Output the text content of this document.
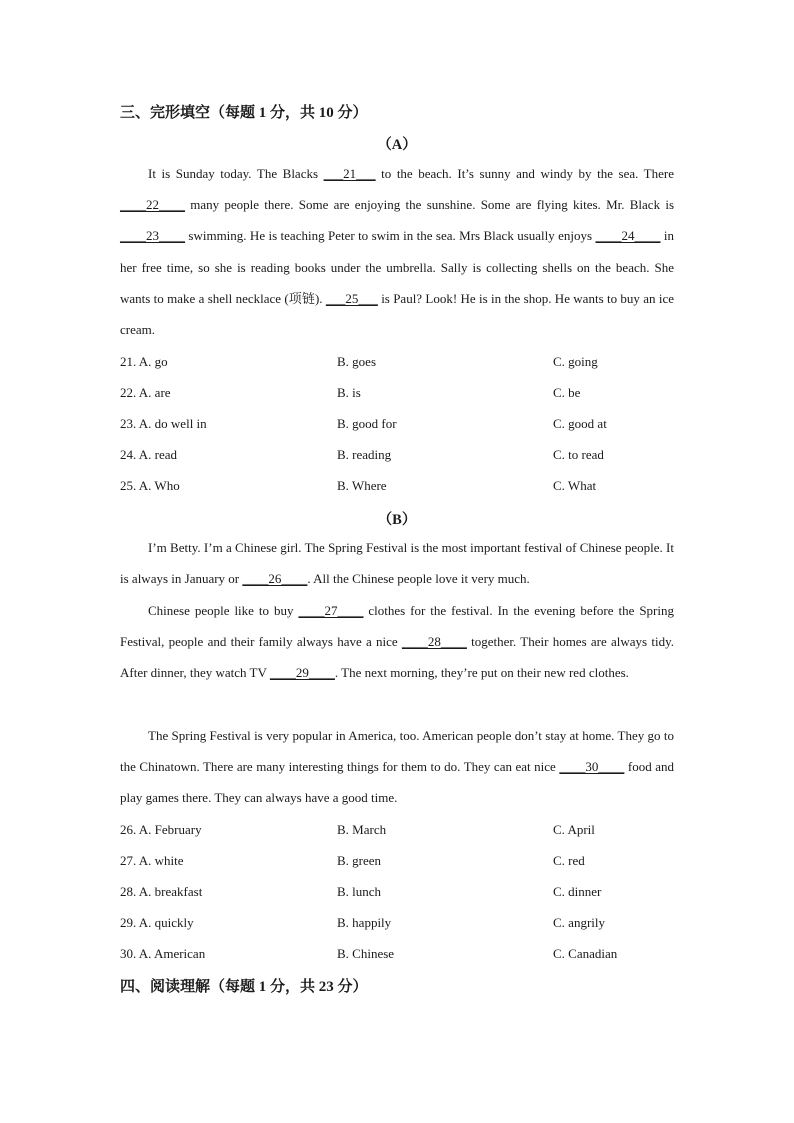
三、完形填空（每题 1 分，共 10 分）
（A）

It is Sunday today. The Blacks ___21___ to the beach. It’s sunny and windy by the sea. There ____22____ many people there. Some are enjoying the sunshine. Some are flying kites. Mr. Black is ____23____ swimming. He is teaching Peter to swim in the sea. Mrs Black usually enjoys ____24____ in her free time, so she is reading books under the umbrella. Sally is collecting shells on the beach. She wants to make a shell necklace (项链). ___25___ is Paul? Look! He is in the shop. He wants to buy an ice cream.

21. A. go	B. goes	C. going
22. A. are	B. is	C. be
23. A. do well in	B. good for	C. good at
24. A. read	B. reading	C. to read
25. A. Who	B. Where	C. What
（B）

I’m Betty. I’m a Chinese girl. The Spring Festival is the most important festival of Chinese people. It is always in January or ____26____. All the Chinese people love it very much.

Chinese people like to buy ____27____ clothes for the festival. In the evening before the Spring Festival, people and their family always have a nice ____28____ together. Their homes are always tidy. After dinner, they watch TV ____29____. The next morning, they’re put on their new red clothes.

The Spring Festival is very popular in America, too. American people don’t stay at home. They go to the Chinatown. There are many interesting things for them to do. They can eat nice ____30____ food and play games there. They can always have a good time.

26. A. February	B. March	C. April
27. A. white	B. green	C. red
28. A. breakfast	B. lunch	C. dinner
29. A. quickly	B. happily	C. angrily
30. A. American	B. Chinese	C. Canadian
四、阅读理解（每题 1 分，共 23 分）
